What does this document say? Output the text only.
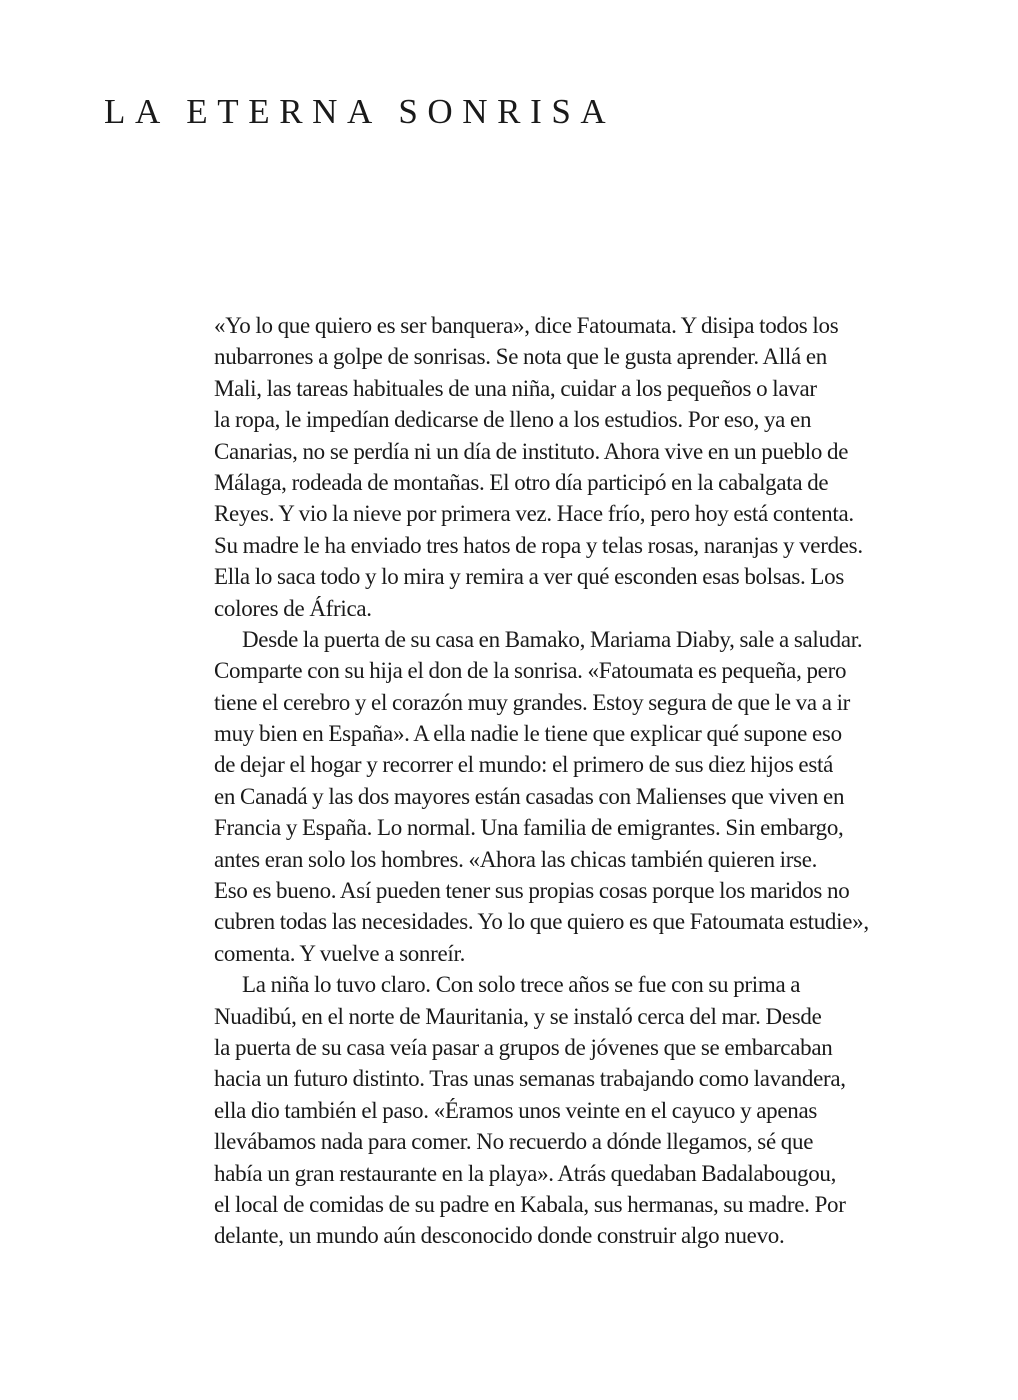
LA ETERNA SONRISA
«Yo lo que quiero es ser banquera», dice Fatoumata. Y disipa todos los
nubarrones a golpe de sonrisas. Se nota que le gusta aprender. Allá en
Mali, las tareas habituales de una niña, cuidar a los pequeños o lavar
la ropa, le impedían dedicarse de lleno a los estudios. Por eso, ya en
Canarias, no se perdía ni un día de instituto. Ahora vive en un pueblo de
Málaga, rodeada de montañas. El otro día participó en la cabalgata de
Reyes. Y vio la nieve por primera vez. Hace frío, pero hoy está contenta.
Su madre le ha enviado tres hatos de ropa y telas rosas, naranjas y verdes.
Ella lo saca todo y lo mira y remira a ver qué esconden esas bolsas. Los
colores de África.
Desde la puerta de su casa en Bamako, Mariama Diaby, sale a saludar.
Comparte con su hija el don de la sonrisa. «Fatoumata es pequeña, pero
tiene el cerebro y el corazón muy grandes. Estoy segura de que le va a ir
muy bien en España». A ella nadie le tiene que explicar qué supone eso
de dejar el hogar y recorrer el mundo: el primero de sus diez hijos está
en Canadá y las dos mayores están casadas con Malienses que viven en
Francia y España. Lo normal. Una familia de emigrantes. Sin embargo,
antes eran solo los hombres. «Ahora las chicas también quieren irse.
Eso es bueno. Así pueden tener sus propias cosas porque los maridos no
cubren todas las necesidades. Yo lo que quiero es que Fatoumata estudie»,
comenta. Y vuelve a sonreír.
La niña lo tuvo claro. Con solo trece años se fue con su prima a
Nuadibú, en el norte de Mauritania, y se instaló cerca del mar. Desde
la puerta de su casa veía pasar a grupos de jóvenes que se embarcaban
hacia un futuro distinto. Tras unas semanas trabajando como lavandera,
ella dio también el paso. «Éramos unos veinte en el cayuco y apenas
llevábamos nada para comer. No recuerdo a dónde llegamos, sé que
había un gran restaurante en la playa». Atrás quedaban Badalabougou,
el local de comidas de su padre en Kabala, sus hermanas, su madre. Por
delante, un mundo aún desconocido donde construir algo nuevo.
